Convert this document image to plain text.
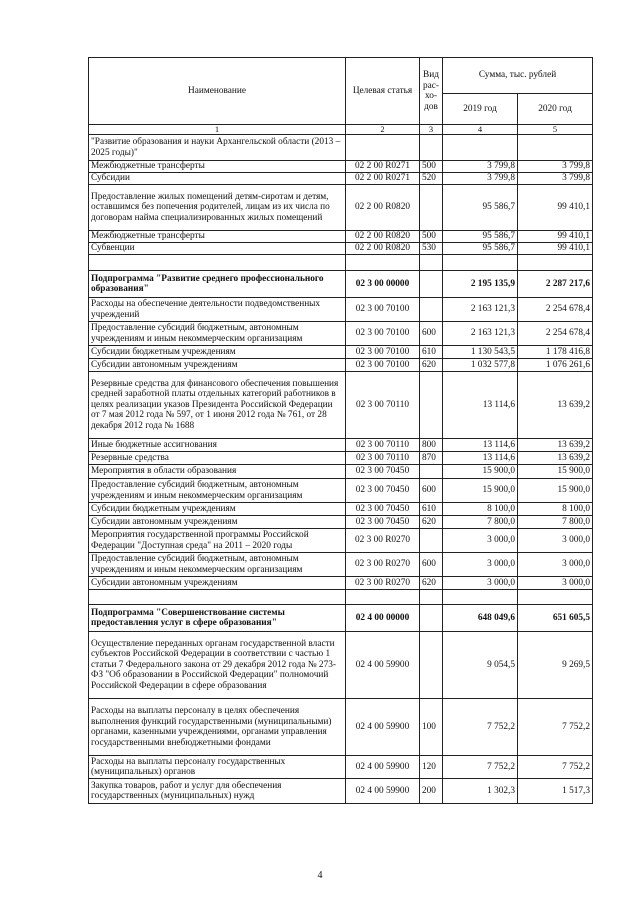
Наименование	Целевая статья	Вид
рас-
хо-
дов	Сумма, тыс. рублей	
			2019 год	2020 год
1	2	3	4	5
"Развитие образования и науки Архангельской области (2013 – 2025 годы)"				
Межбюджетные трансферты	02 2 00 R0271	500	3 799,8	3 799,8
Субсидии	02 2 00 R0271	520	3 799,8	3 799,8
Предоставление жилых помещений детям-сиротам и детям, оставшимся без попечения родителей, лицам из их числа по договорам найма специализированных жилых помещений	02 2 00 R0820		95 586,7	99 410,1
Межбюджетные трансферты	02 2 00 R0820	500	95 586,7	99 410,1
Субвенции	02 2 00 R0820	530	95 586,7	99 410,1

Подпрограмма "Развитие среднего профессионального образования"	02 3 00 00000		2 195 135,9	2 287 217,6
Расходы на обеспечение деятельности подведомственных учреждений	02 3 00 70100		2 163 121,3	2 254 678,4
Предоставление субсидий бюджетным, автономным учреждениям и иным некоммерческим организациям	02 3 00 70100	600	2 163 121,3	2 254 678,4
Субсидии бюджетным учреждениям	02 3 00 70100	610	1 130 543,5	1 178 416,8
Субсидии автономным учреждениям	02 3 00 70100	620	1 032 577,8	1 076 261,6
Резервные средства для финансового обеспечения повышения средней заработной платы отдельных категорий работников в целях реализации указов Президента Российской Федерации от 7 мая 2012 года № 597, от 1 июня 2012 года № 761, от 28 декабря 2012 года № 1688	02 3 00 70110		13 114,6	13 639,2
Иные бюджетные ассигнования	02 3 00 70110	800	13 114,6	13 639,2
Резервные средства	02 3 00 70110	870	13 114,6	13 639,2
Мероприятия в области образования	02 3 00 70450		15 900,0	15 900,0
Предоставление субсидий бюджетным, автономным учреждениям и иным некоммерческим организациям	02 3 00 70450	600	15 900,0	15 900,0
Субсидии бюджетным учреждениям	02 3 00 70450	610	8 100,0	8 100,0
Субсидии автономным учреждениям	02 3 00 70450	620	7 800,0	7 800,0
Мероприятия государственной программы Российской Федерации "Доступная среда" на 2011 – 2020 годы	02 3 00 R0270		3 000,0	3 000,0
Предоставление субсидий бюджетным, автономным учреждениям и иным некоммерческим организациям	02 3 00 R0270	600	3 000,0	3 000,0
Субсидии автономным учреждениям	02 3 00 R0270	620	3 000,0	3 000,0

Подпрограмма "Совершенствование системы предоставления услуг в сфере образования"	02 4 00 00000		648 049,6	651 605,5
Осуществление переданных органам государственной власти субъектов Российской Федерации в соответствии с частью 1 статьи 7 Федерального закона от 29 декабря 2012 года № 273-ФЗ "Об образовании в Российской Федерации" полномочий Российской Федерации в сфере образования	02 4 00 59900		9 054,5	9 269,5
Расходы на выплаты персоналу в целях обеспечения выполнения функций государственными (муниципальными) органами, казенными учреждениями, органами управления государственными внебюджетными фондами	02 4 00 59900	100	7 752,2	7 752,2
Расходы на выплаты персоналу государственных (муниципальных) органов	02 4 00 59900	120	7 752,2	7 752,2
Закупка товаров, работ и услуг для обеспечения государственных (муниципальных) нужд	02 4 00 59900	200	1 302,3	1 517,3
4
